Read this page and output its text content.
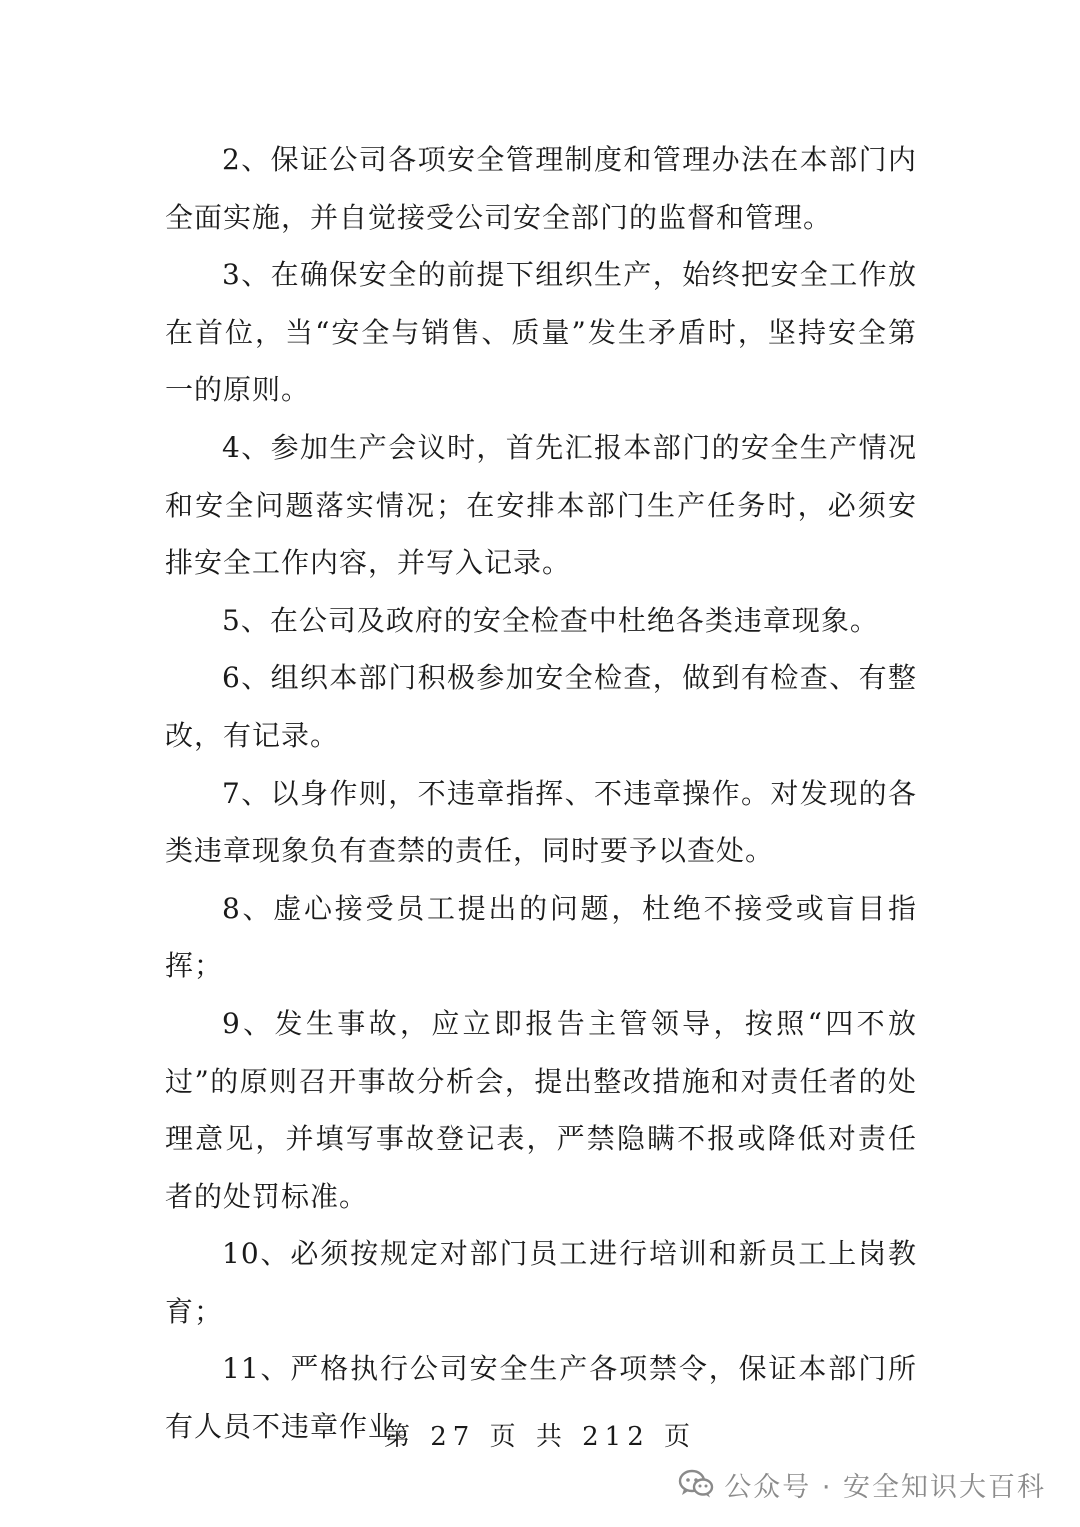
2、保证公司各项安全管理制度和管理办法在本部门内全面实施，并自觉接受公司安全部门的监督和管理。

3、在确保安全的前提下组织生产，始终把安全工作放在首位，当“安全与销售、质量”发生矛盾时，坚持安全第一的原则。

4、参加生产会议时，首先汇报本部门的安全生产情况和安全问题落实情况；在安排本部门生产任务时，必须安排安全工作内容，并写入记录。

5、在公司及政府的安全检查中杜绝各类违章现象。

6、组织本部门积极参加安全检查，做到有检查、有整改，有记录。

7、以身作则，不违章指挥、不违章操作。对发现的各类违章现象负有查禁的责任，同时要予以查处。

8、虚心接受员工提出的问题，杜绝不接受或盲目指挥；

9、发生事故，应立即报告主管领导，按照“四不放过”的原则召开事故分析会，提出整改措施和对责任者的处理意见，并填写事故登记表，严禁隐瞒不报或降低对责任者的处罚标准。

10、必须按规定对部门员工进行培训和新员工上岗教育；

11、严格执行公司安全生产各项禁令，保证本部门所有人员不违章作业。

第 27 页 共 212 页
公众号 · 安全知识大百科
